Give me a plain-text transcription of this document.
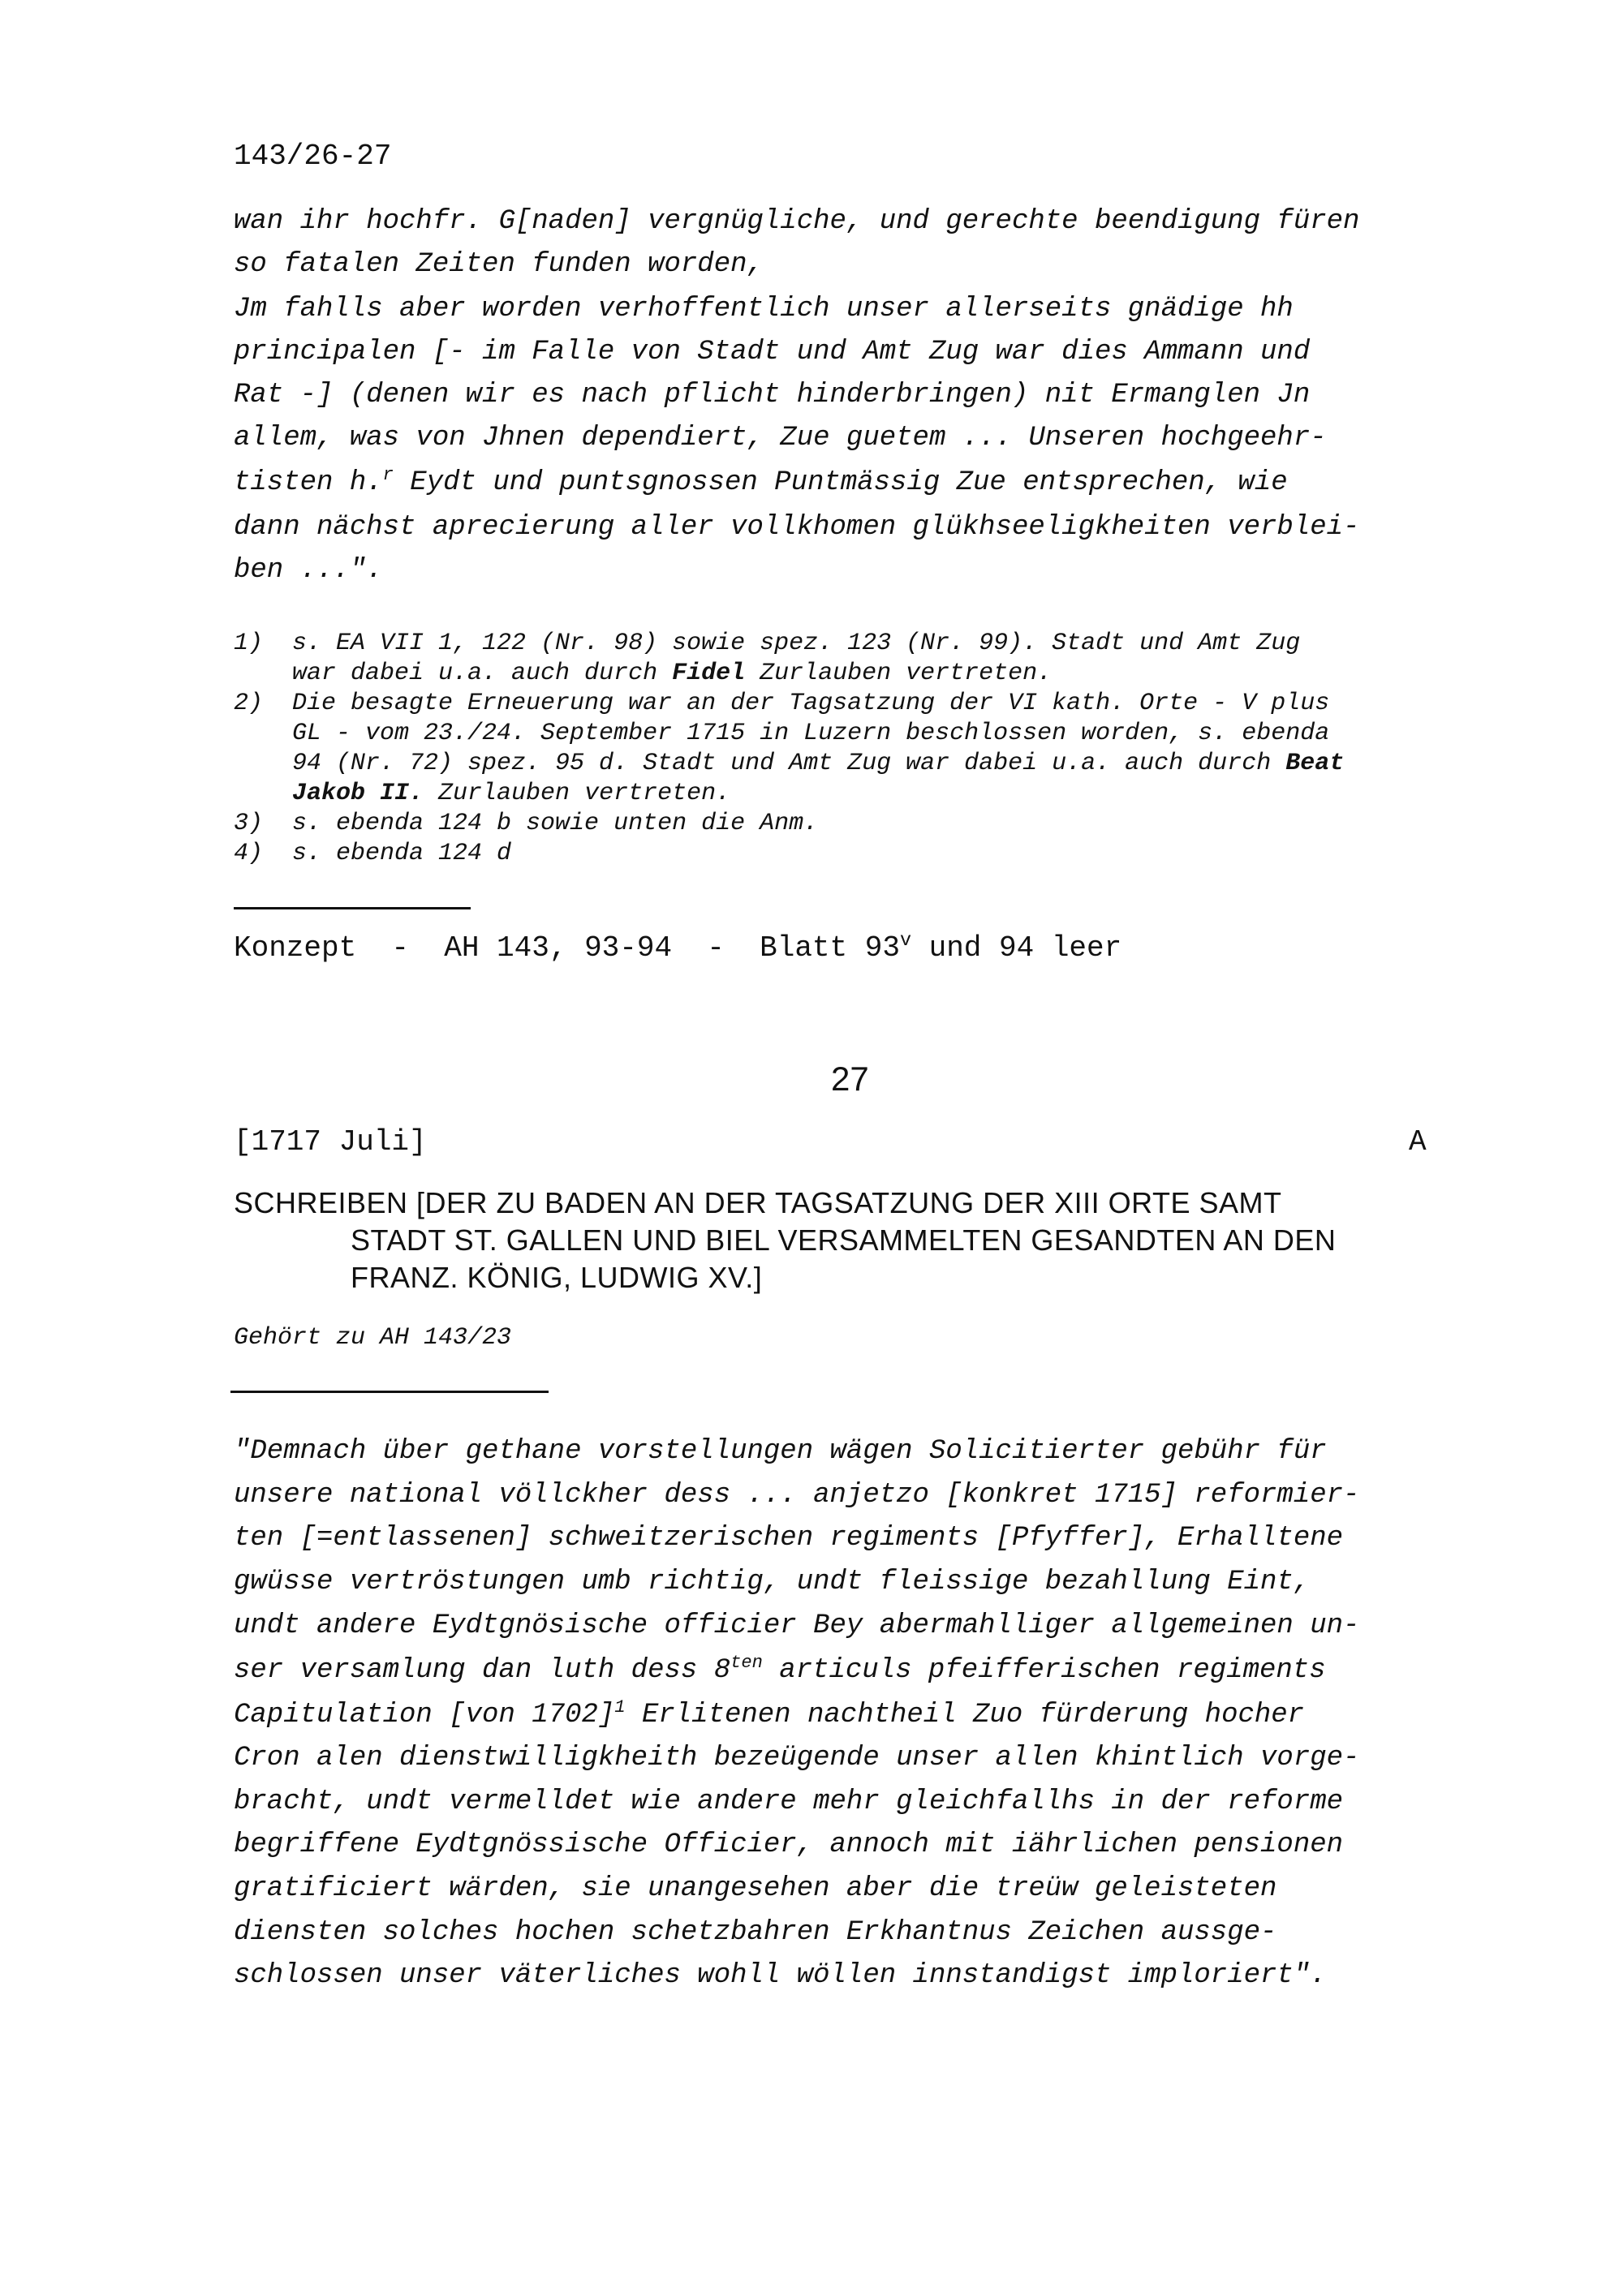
143/26-27
wan ihr hochfr. G[naden] vergnügliche, und gerechte beendigung füren
so fatalen Zeiten funden worden,
Jm fahlls aber worden verhoffentlich unser allerseits gnädige hh
principalen [- im Falle von Stadt und Amt Zug war dies Ammann und
Rat -] (denen wir es nach pflicht hinderbringen) nit Ermanglen Jn
allem, was von Jhnen dependiert, Zue guetem ... Unseren hochgeehr-
tisten h.$^r$ Eydt und puntsgnossen Puntmässig Zue entsprechen, wie
dann nächst aprecierung aller vollkhomen glükhseeligkheiten verblei-
ben ...".
1) s. EA VII 1, 122 (Nr. 98) sowie spez. 123 (Nr. 99). Stadt und Amt Zug
war dabei u.a. auch durch Fidel Zurlauben vertreten.
2) Die besagte Erneuerung war an der Tagsatzung der VI kath. Orte - V plus
GL - vom 23./24. September 1715 in Luzern beschlossen worden, s. ebenda
94 (Nr. 72) spez. 95 d. Stadt und Amt Zug war dabei u.a. auch durch Beat
Jakob II. Zurlauben vertreten.
3) s. ebenda 124 b sowie unten die Anm.
4) s. ebenda 124 d
Konzept  -  AH 143, 93-94  -  Blatt 93$^v$ und 94 leer
27
[1717 Juli]	A
SCHREIBEN [DER ZU BADEN AN DER TAGSATZUNG DER XIII ORTE SAMT
STADT ST. GALLEN UND BIEL VERSAMMELTEN GESANDTEN AN DEN
FRANZ. KÖNIG, LUDWIG XV.]
Gehört zu AH 143/23
"Demnach über gethane vorstellungen wägen Solicitierter gebühr für
unsere national völlckher dess ... anjetzo [konkret 1715] reformier-
ten [=entlassenen] schweitzerischen regiments [Pfyffer], Erhalltene
gwüsse vertröstungen umb richtig, undt fleissige bezahllung Eint,
undt andere Eydtgnösische officier Bey abermahlliger allgemeinen un-
ser versamlung dan luth dess $8^{ten}$ articuls pfeifferischen regiments
Capitulation [von 1702]$^1$ Erlitenen nachtheil Zuo fürderung hocher
Cron alen dienstwilligkheith bezeügende unser allen khintlich vorge-
bracht, undt vermelldet wie andere mehr gleichfallhs in der reforme
begriffene Eydtgnössische Officier, annoch mit iährlichen pensionen
gratificiert wärden, sie unangesehen aber die treüw geleisteten
diensten solches hochen schetzbahren Erkhantnus Zeichen aussge-
schlossen unser väterliches wohll wöllen innstandigst imploriert".
